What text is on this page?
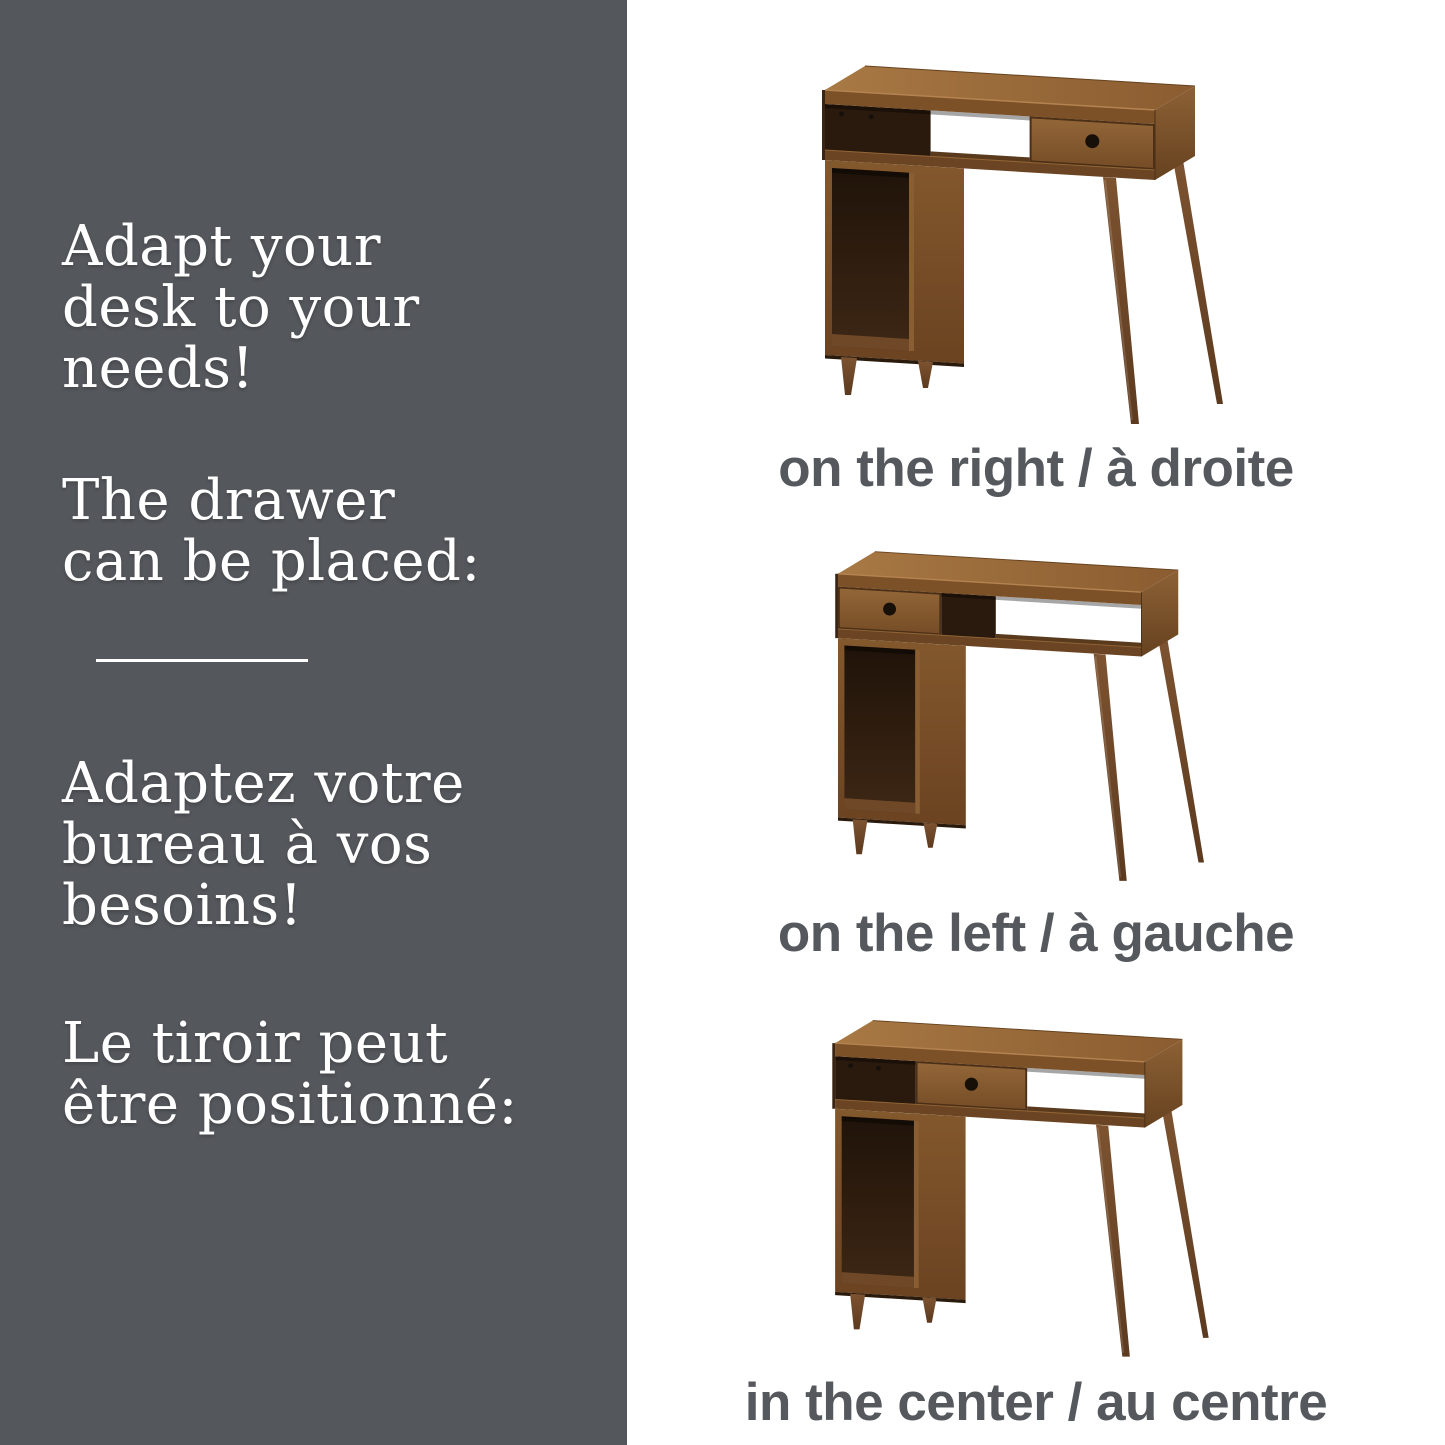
Adapt your
desk to your
needs!
The drawer
can be placed:
Adaptez votre
bureau à vos
besoins!
Le tiroir peut
être positionné:
on the right / à droite
on the left / à gauche
in the center / au centre
